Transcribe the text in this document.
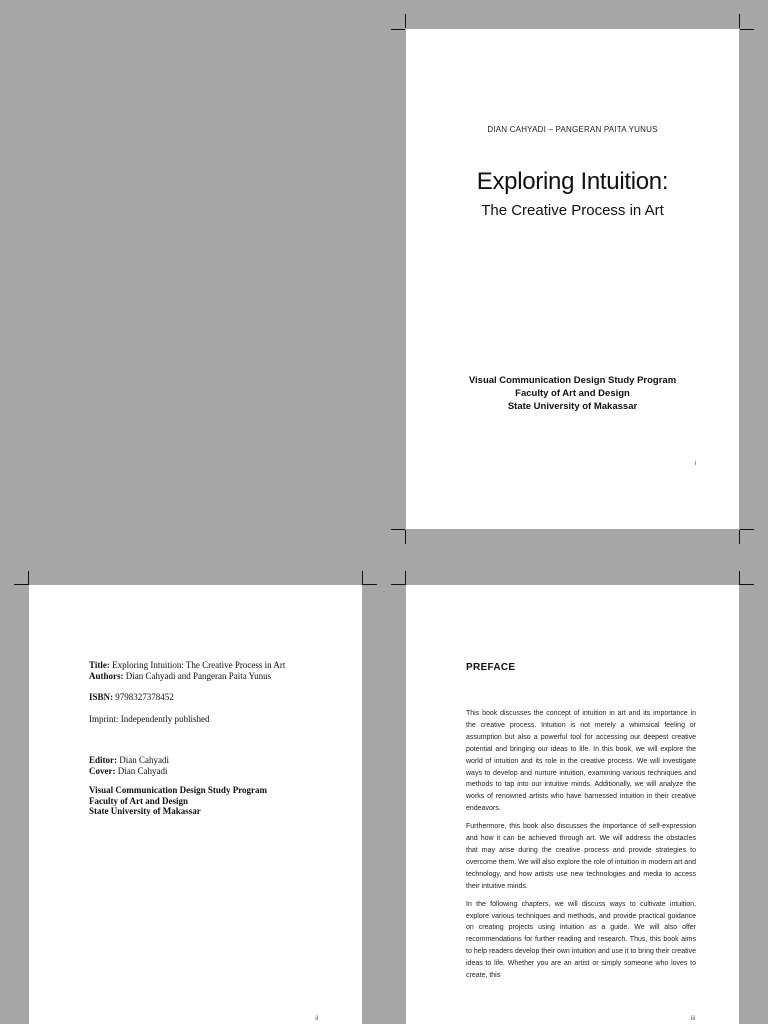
DIAN CAHYADI – PANGERAN PAITA YUNUS
Exploring Intuition:
The Creative Process in Art
Visual Communication Design Study Program
Faculty of Art and Design
State University of Makassar
i
Title: Exploring Intuition: The Creative Process in Art
Authors: Dian Cahyadi and Pangeran Paita Yunus
ISBN: 9798327378452
Imprint: Independently published
Editor: Dian Cahyadi
Cover: Dian Cahyadi
Visual Communication Design Study Program
Faculty of Art and Design
State University of Makassar
ii
PREFACE

This book discusses the concept of intuition in art and its importance in the creative process. Intuition is not merely a whimsical feeling or assumption but also a powerful tool for accessing our deepest creative potential and bringing our ideas to life. In this book, we will explore the world of intuition and its role in the creative process. We will investigate ways to develop and nurture intuition, examining various techniques and methods to tap into our intuitive minds. Additionally, we will analyze the works of renowned artists who have harnessed intuition in their creative endeavors.

Furthermore, this book also discusses the importance of self-expression and how it can be achieved through art. We will address the obstacles that may arise during the creative process and provide strategies to overcome them. We will also explore the role of intuition in modern art and technology, and how artists use new technologies and media to access their intuitive minds.

In the following chapters, we will discuss ways to cultivate intuition, explore various techniques and methods, and provide practical guidance on creating projects using intuition as a guide. We will also offer recommendations for further reading and research. Thus, this book aims to help readers develop their own intuition and use it to bring their creative ideas to life. Whether you are an artist or simply someone who loves to create, this

iii
